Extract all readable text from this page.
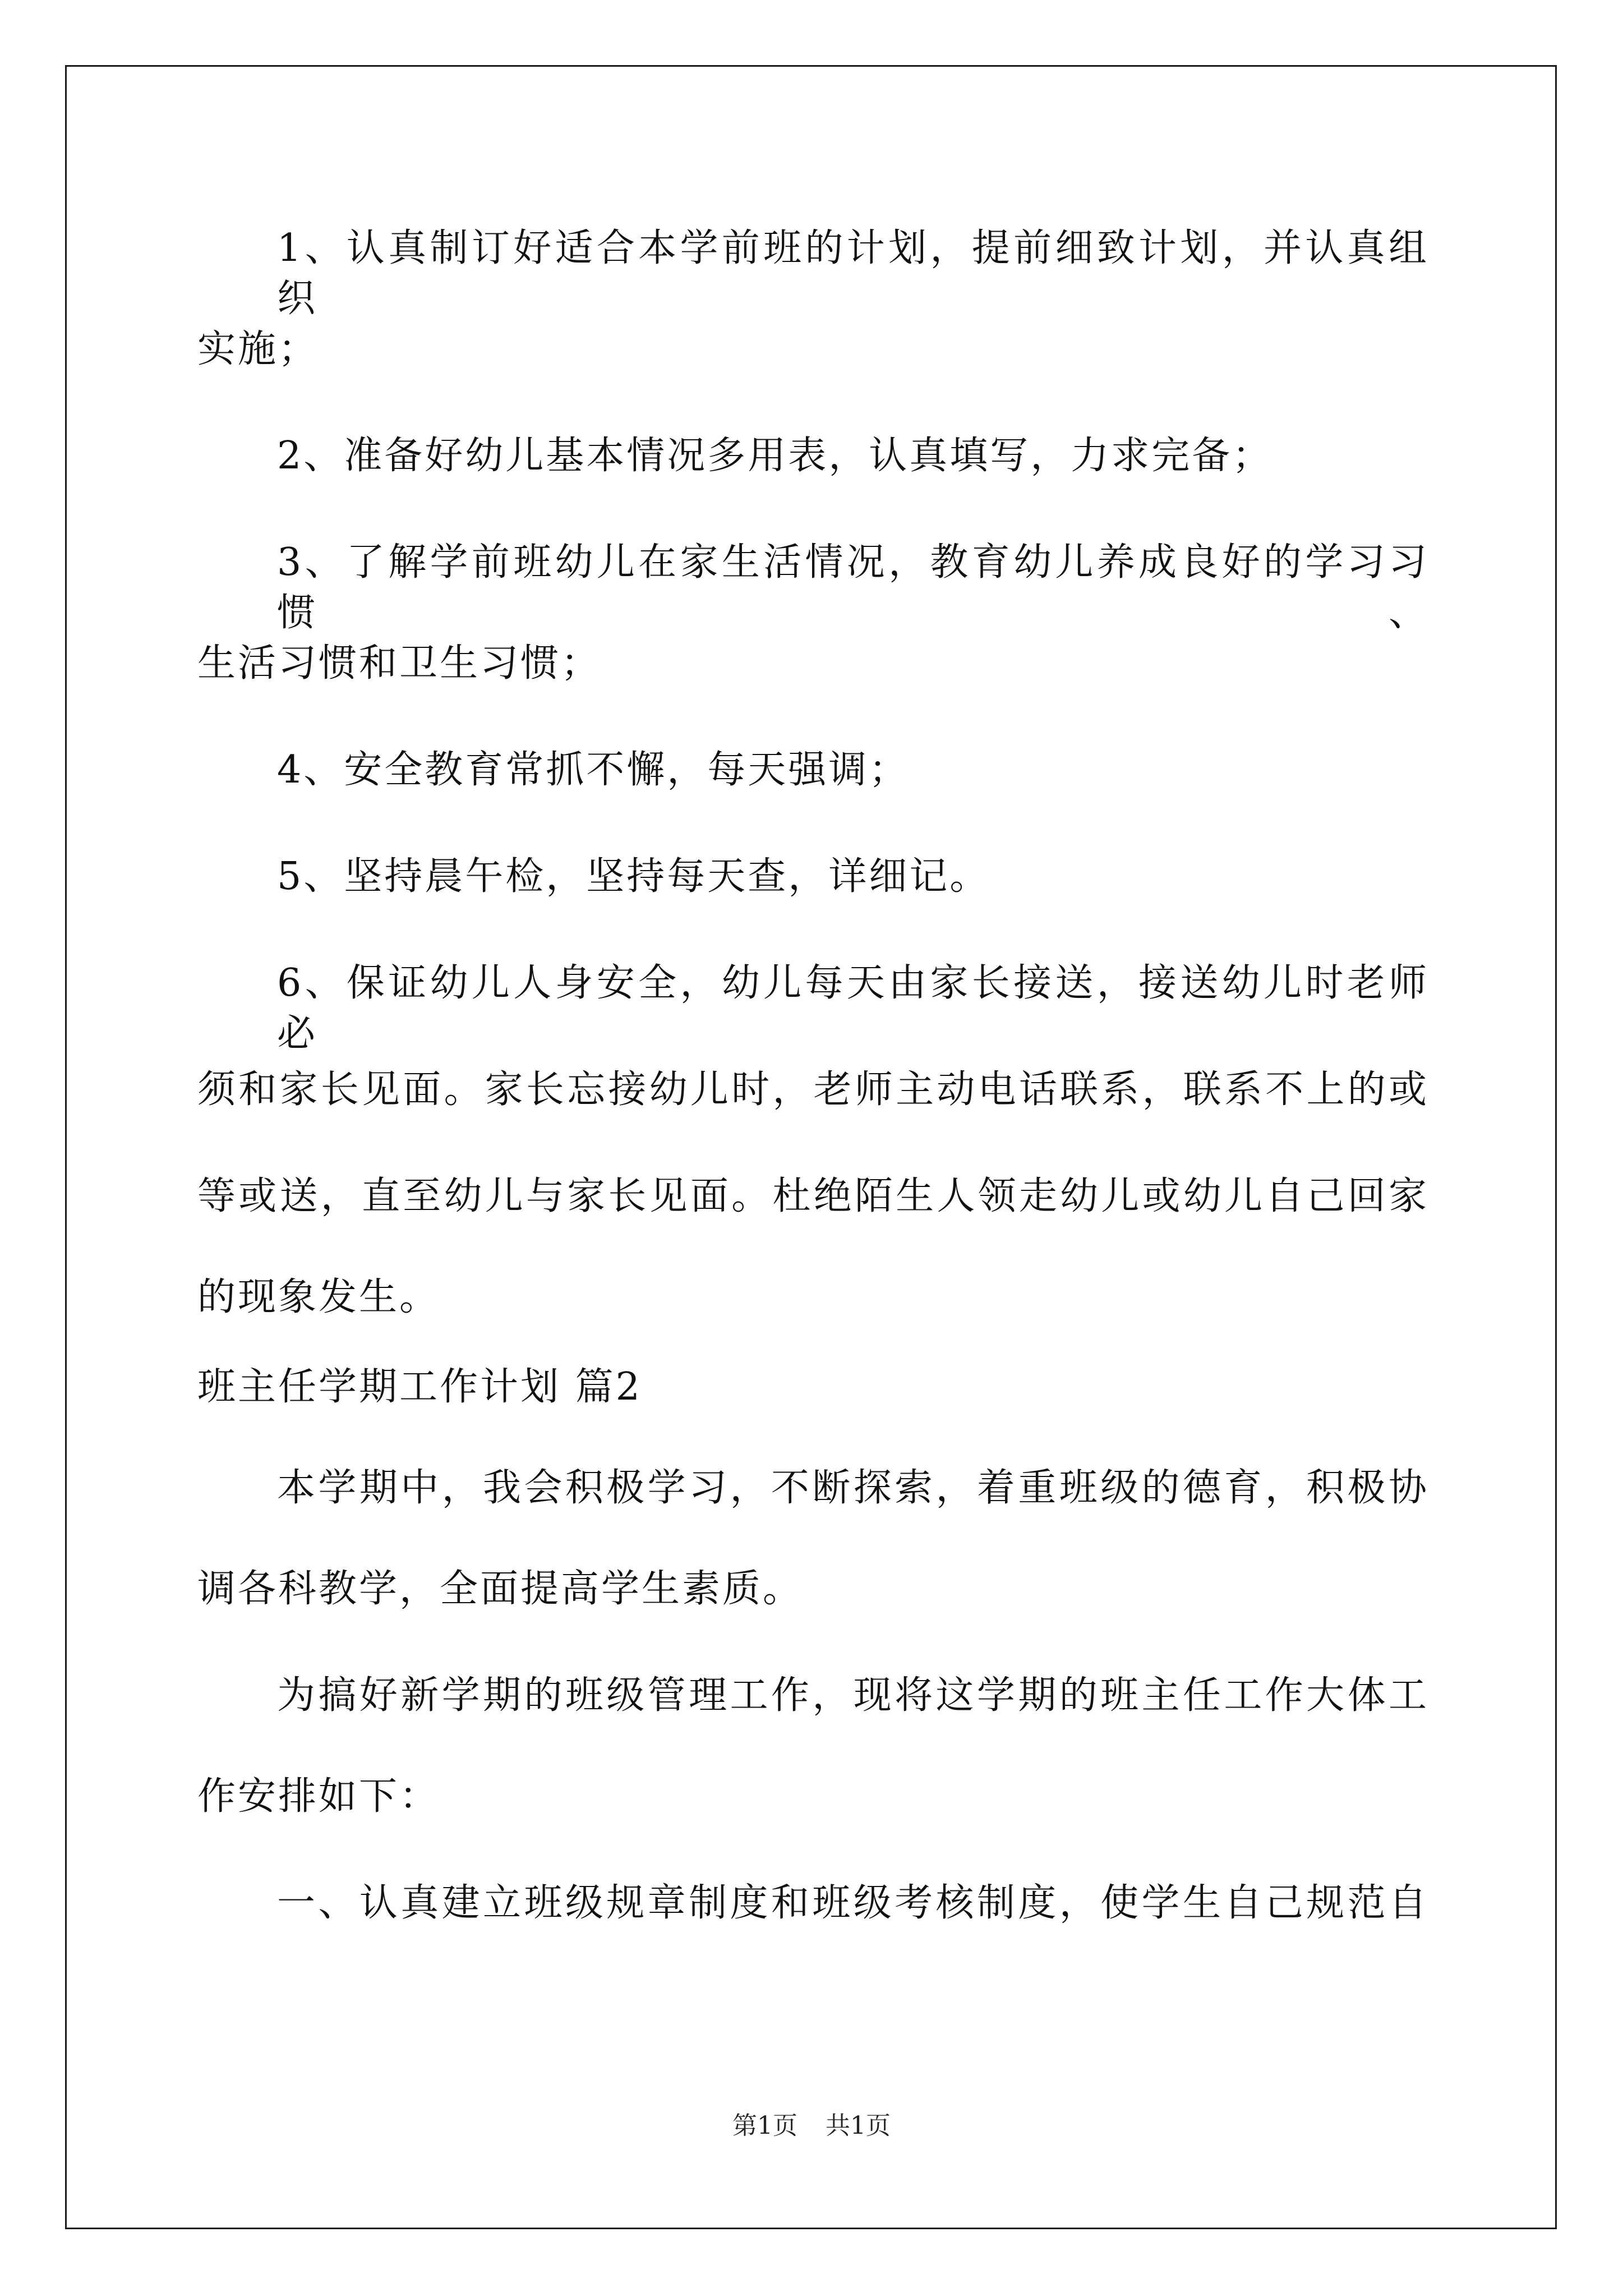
1、认真制订好适合本学前班的计划，提前细致计划，并认真组织
实施；
2、准备好幼儿基本情况多用表，认真填写，力求完备；
3、了解学前班幼儿在家生活情况，教育幼儿养成良好的学习习惯、
生活习惯和卫生习惯；
4、安全教育常抓不懈，每天强调；
5、坚持晨午检，坚持每天查，详细记。
6、保证幼儿人身安全，幼儿每天由家长接送，接送幼儿时老师必
须和家长见面。家长忘接幼儿时，老师主动电话联系，联系不上的或
等或送，直至幼儿与家长见面。杜绝陌生人领走幼儿或幼儿自己回家
的现象发生。
班主任学期工作计划 篇2
本学期中，我会积极学习，不断探索，着重班级的德育，积极协
调各科教学，全面提高学生素质。
为搞好新学期的班级管理工作，现将这学期的班主任工作大体工
作安排如下：
一、认真建立班级规章制度和班级考核制度，使学生自己规范自
第1页 共1页
